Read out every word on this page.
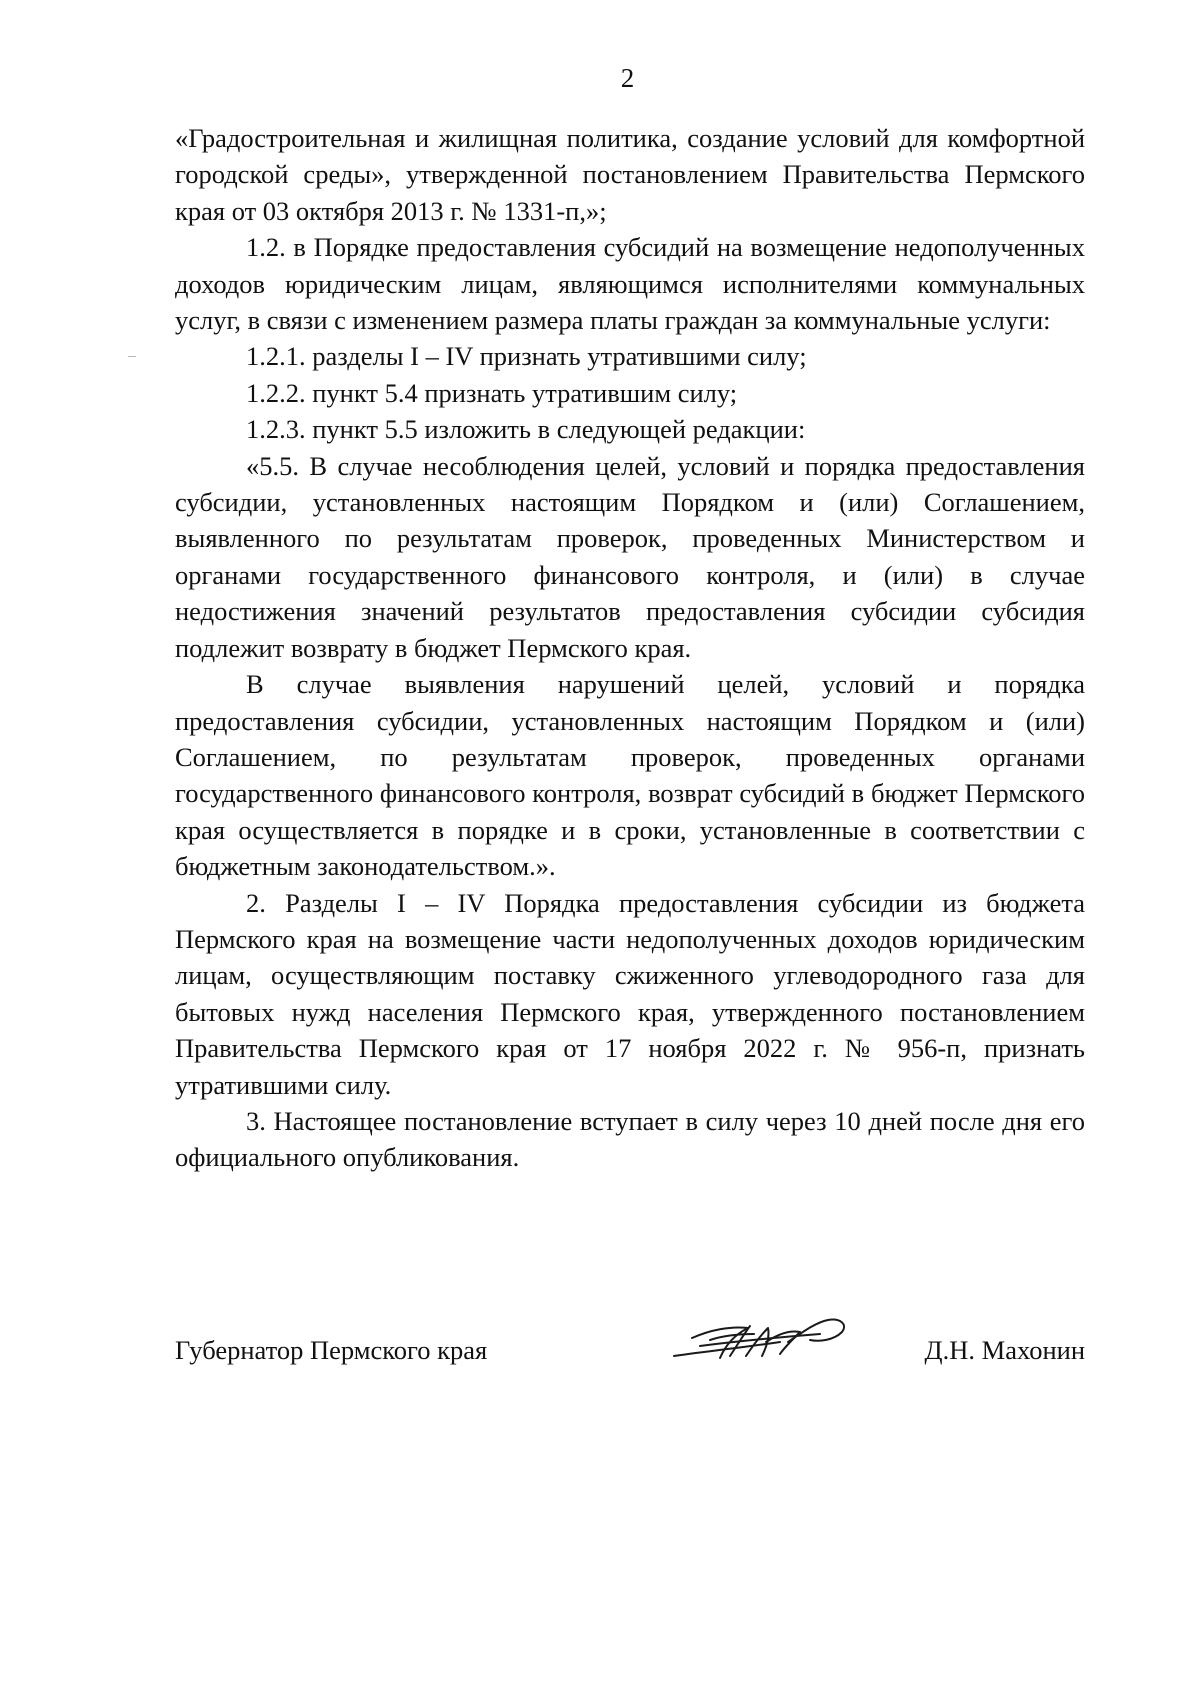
2

«Градостроительная и жилищная политика, создание условий для комфортной городской среды», утвержденной постановлением Правительства Пермского края от 03 октября 2013 г. № 1331-п,»;

1.2. в Порядке предоставления субсидий на возмещение недополученных доходов юридическим лицам, являющимся исполнителями коммунальных услуг, в связи с изменением размера платы граждан за коммунальные услуги:

1.2.1. разделы I – IV признать утратившими силу;

1.2.2. пункт 5.4 признать утратившим силу;

1.2.3. пункт 5.5 изложить в следующей редакции:

«5.5. В случае несоблюдения целей, условий и порядка предоставления субсидии, установленных настоящим Порядком и (или) Соглашением, выявленного по результатам проверок, проведенных Министерством и органами государственного финансового контроля, и (или) в случае недостижения значений результатов предоставления субсидии субсидия подлежит возврату в бюджет Пермского края.

В случае выявления нарушений целей, условий и порядка предоставления субсидии, установленных настоящим Порядком и (или) Соглашением, по результатам проверок, проведенных органами государственного финансового контроля, возврат субсидий в бюджет Пермского края осуществляется в порядке и в сроки, установленные в соответствии с бюджетным законодательством.».

2. Разделы I – IV Порядка предоставления субсидии из бюджета Пермского края на возмещение части недополученных доходов юридическим лицам, осуществляющим поставку сжиженного углеводородного газа для бытовых нужд населения Пермского края, утвержденного постановлением Правительства Пермского края от 17 ноября 2022 г. № 956-п, признать утратившими силу.

3. Настоящее постановление вступает в силу через 10 дней после дня его официального опубликования.

Губернатор Пермского края	Д.Н. Махонин
